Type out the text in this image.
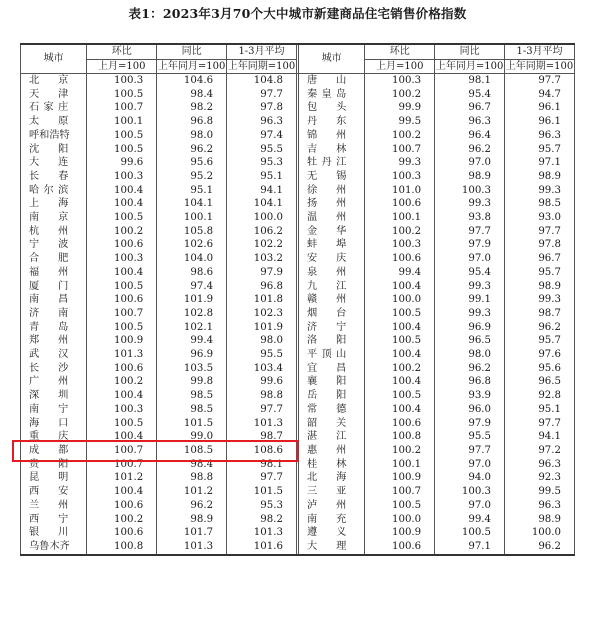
表1：2023年3月70个大中城市新建商品住宅销售价格指数
城市	环比	同比	1-3月平均		城市	环比	同比	1-3月平均
	上月=100	上年同月=100	上年同期=100			上月=100	上年同月=100	上年同期=100
北京	100.3	104.6	104.8		唐山	100.3	98.1	97.7
天津	100.5	98.4	97.7		秦皇岛	100.2	95.4	94.7
石家庄	100.7	98.2	97.8		包头	99.9	96.7	96.1
太原	100.1	96.8	96.3		丹东	99.5	96.3	96.1
呼和浩特	100.5	98.0	97.4		锦州	100.2	96.4	96.3
沈阳	100.5	96.2	95.5		吉林	100.7	96.2	95.7
大连	99.6	95.6	95.3		牡丹江	99.3	97.0	97.1
长春	100.3	95.2	95.1		无锡	100.3	98.9	98.9
哈尔滨	100.4	95.1	94.1		徐州	101.0	100.3	99.3
上海	100.4	104.1	104.1		扬州	100.6	99.3	98.5
南京	100.5	100.1	100.0		温州	100.1	93.8	93.0
杭州	100.2	105.8	106.2		金华	100.2	97.7	97.7
宁波	100.6	102.6	102.2		蚌埠	100.3	97.9	97.8
合肥	100.3	104.0	103.2		安庆	100.6	97.0	96.7
福州	100.4	98.6	97.9		泉州	99.4	95.4	95.7
厦门	100.5	97.4	96.8		九江	100.4	99.3	98.9
南昌	100.6	101.9	101.8		赣州	100.0	99.1	99.3
济南	100.7	102.8	102.3		烟台	100.5	99.3	98.7
青岛	100.5	102.1	101.9		济宁	100.4	96.9	96.2
郑州	100.9	99.4	98.0		洛阳	100.5	96.5	95.7
武汉	101.3	96.9	95.5		平顶山	100.4	98.0	97.6
长沙	100.6	103.5	103.4		宜昌	100.2	96.2	95.6
广州	100.2	99.8	99.6		襄阳	100.4	96.8	96.5
深圳	100.4	98.5	98.8		岳阳	100.5	93.9	92.8
南宁	100.3	98.5	97.7		常德	100.4	96.0	95.1
海口	100.5	101.5	101.3		韶关	100.6	97.9	97.7
重庆	100.4	99.0	98.7		湛江	100.8	95.5	94.1
成都	100.7	108.5	108.6		惠州	100.2	97.7	97.2
贵阳	100.7	98.4	98.1		桂林	100.1	97.0	96.3
昆明	101.2	98.8	97.7		北海	100.9	94.0	92.3
西安	100.4	101.2	101.5		三亚	100.7	100.3	99.5
兰州	100.6	96.2	95.3		泸州	100.5	97.0	96.3
西宁	100.2	98.9	98.2		南充	100.0	99.4	98.9
银川	100.6	101.7	101.3		遵义	100.9	100.5	100.0
乌鲁木齐	100.8	101.3	101.6		大理	100.6	97.1	96.2
